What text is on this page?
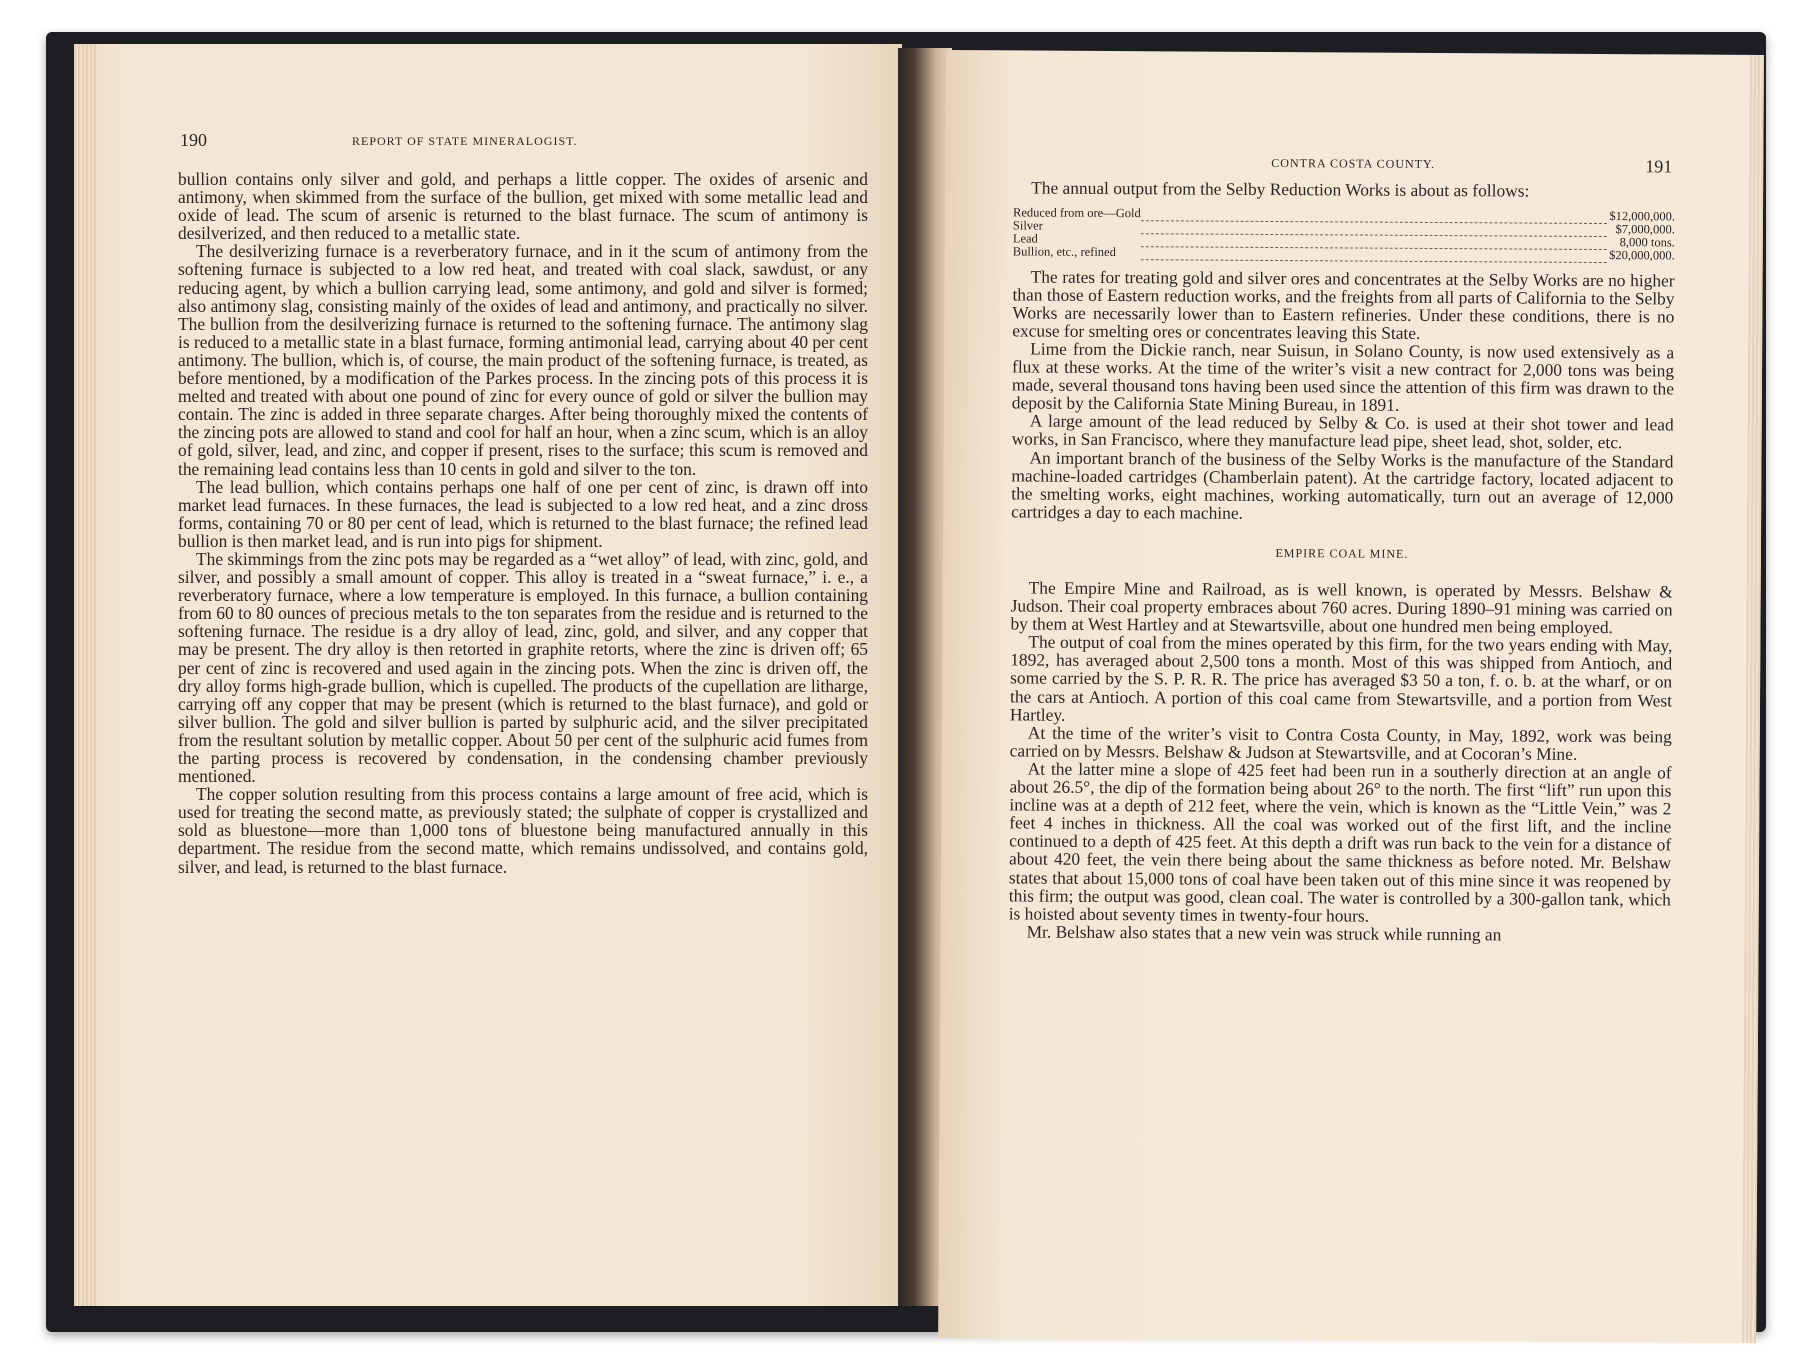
190	REPORT OF STATE MINERALOGIST.

bullion contains only silver and gold, and perhaps a little copper. The oxides of arsenic and antimony, when skimmed from the surface of the bullion, get mixed with some metallic lead and oxide of lead. The scum of arsenic is returned to the blast furnace. The scum of antimony is desilverized, and then reduced to a metallic state.

The desilverizing furnace is a reverberatory furnace, and in it the scum of antimony from the softening furnace is subjected to a low red heat, and treated with coal slack, sawdust, or any reducing agent, by which a bullion carrying lead, some antimony, and gold and silver is formed; also antimony slag, consisting mainly of the oxides of lead and antimony, and practically no silver. The bullion from the desilverizing furnace is returned to the softening furnace. The antimony slag is reduced to a metallic state in a blast furnace, forming antimonial lead, carrying about 40 per cent antimony. The bullion, which is, of course, the main product of the softening furnace, is treated, as before mentioned, by a modification of the Parkes process. In the zincing pots of this process it is melted and treated with about one pound of zinc for every ounce of gold or silver the bullion may contain. The zinc is added in three separate charges. After being thoroughly mixed the contents of the zincing pots are allowed to stand and cool for half an hour, when a zinc scum, which is an alloy of gold, silver, lead, and zinc, and copper if present, rises to the surface; this scum is removed and the remaining lead contains less than 10 cents in gold and silver to the ton.

The lead bullion, which contains perhaps one half of one per cent of zinc, is drawn off into market lead furnaces. In these furnaces, the lead is subjected to a low red heat, and a zinc dross forms, containing 70 or 80 per cent of lead, which is returned to the blast furnace; the refined lead bullion is then market lead, and is run into pigs for shipment.

The skimmings from the zinc pots may be regarded as a “wet alloy” of lead, with zinc, gold, and silver, and possibly a small amount of copper. This alloy is treated in a “sweat furnace,” i. e., a reverberatory furnace, where a low temperature is employed. In this furnace, a bullion containing from 60 to 80 ounces of precious metals to the ton separates from the residue and is returned to the softening furnace. The residue is a dry alloy of lead, zinc, gold, and silver, and any copper that may be present. The dry alloy is then retorted in graphite retorts, where the zinc is driven off; 65 per cent of zinc is recovered and used again in the zincing pots. When the zinc is driven off, the dry alloy forms high-grade bullion, which is cupelled. The products of the cupellation are litharge, carrying off any copper that may be present (which is returned to the blast furnace), and gold or silver bullion. The gold and silver bullion is parted by sulphuric acid, and the silver precipitated from the resultant solution by metallic copper. About 50 per cent of the sulphuric acid fumes from the parting process is recovered by condensation, in the condensing chamber previously mentioned.

The copper solution resulting from this process contains a large amount of free acid, which is used for treating the second matte, as previously stated; the sulphate of copper is crystallized and sold as bluestone—more than 1,000 tons of bluestone being manufactured annually in this department. The residue from the second matte, which remains undissolved, and contains gold, silver, and lead, is returned to the blast furnace.

CONTRA COSTA COUNTY.	191

The annual output from the Selby Reduction Works is about as follows:

Reduced from ore—Gold		$12,000,000.
Silver		$7,000,000.
Lead		8,000 tons.
Bullion, etc., refined		$20,000,000.

The rates for treating gold and silver ores and concentrates at the Selby Works are no higher than those of Eastern reduction works, and the freights from all parts of California to the Selby Works are necessarily lower than to Eastern refineries. Under these conditions, there is no excuse for smelting ores or concentrates leaving this State.

Lime from the Dickie ranch, near Suisun, in Solano County, is now used extensively as a flux at these works. At the time of the writer’s visit a new contract for 2,000 tons was being made, several thousand tons having been used since the attention of this firm was drawn to the deposit by the California State Mining Bureau, in 1891.

A large amount of the lead reduced by Selby & Co. is used at their shot tower and lead works, in San Francisco, where they manufacture lead pipe, sheet lead, shot, solder, etc.

An important branch of the business of the Selby Works is the manufacture of the Standard machine-loaded cartridges (Chamberlain patent). At the cartridge factory, located adjacent to the smelting works, eight machines, working automatically, turn out an average of 12,000 cartridges a day to each machine.

EMPIRE COAL MINE.

The Empire Mine and Railroad, as is well known, is operated by Messrs. Belshaw & Judson. Their coal property embraces about 760 acres. During 1890–91 mining was carried on by them at West Hartley and at Stewartsville, about one hundred men being employed.

The output of coal from the mines operated by this firm, for the two years ending with May, 1892, has averaged about 2,500 tons a month. Most of this was shipped from Antioch, and some carried by the S. P. R. R. The price has averaged $3 50 a ton, f. o. b. at the wharf, or on the cars at Antioch. A portion of this coal came from Stewartsville, and a portion from West Hartley.

At the time of the writer’s visit to Contra Costa County, in May, 1892, work was being carried on by Messrs. Belshaw & Judson at Stewartsville, and at Cocoran’s Mine.

At the latter mine a slope of 425 feet had been run in a southerly direction at an angle of about 26.5°, the dip of the formation being about 26° to the north. The first “lift” run upon this incline was at a depth of 212 feet, where the vein, which is known as the “Little Vein,” was 2 feet 4 inches in thickness. All the coal was worked out of the first lift, and the incline continued to a depth of 425 feet. At this depth a drift was run back to the vein for a distance of about 420 feet, the vein there being about the same thickness as before noted. Mr. Belshaw states that about 15,000 tons of coal have been taken out of this mine since it was reopened by this firm; the output was good, clean coal. The water is controlled by a 300-gallon tank, which is hoisted about seventy times in twenty-four hours.

Mr. Belshaw also states that a new vein was struck while running an
